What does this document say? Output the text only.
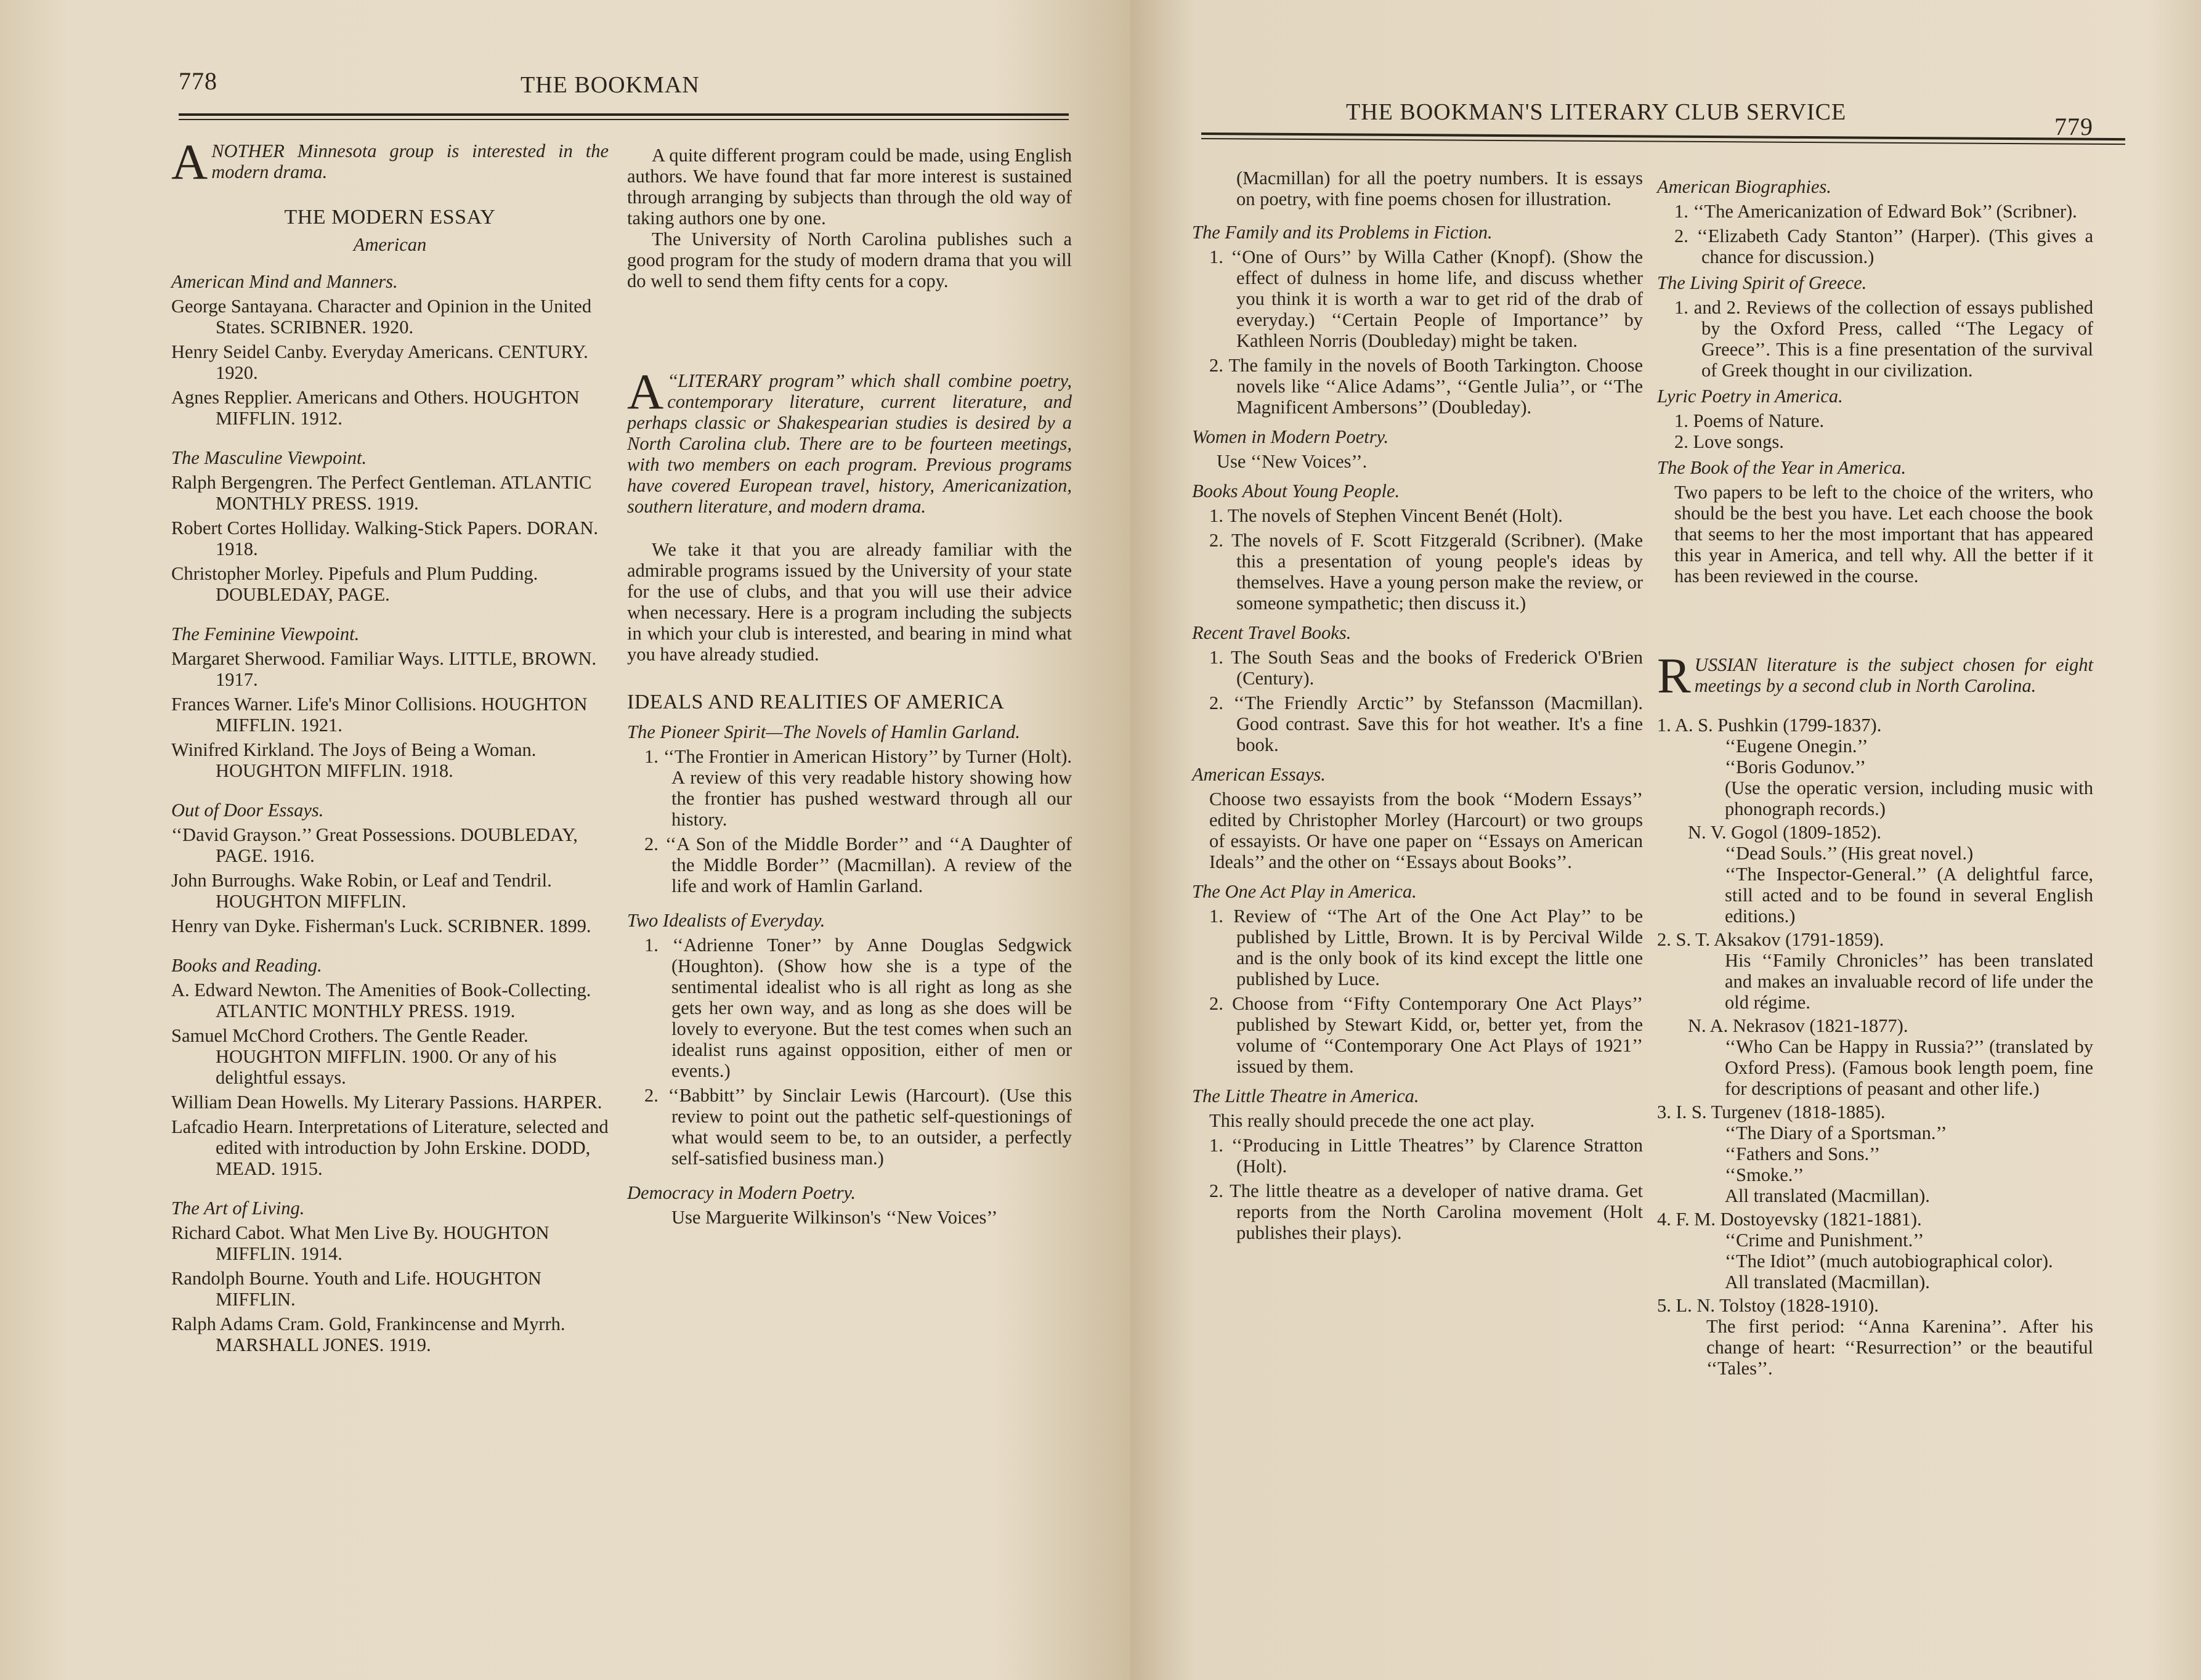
778	THE BOOKMAN
ANOTHER Minnesota group is interested in the modern drama.
THE MODERN ESSAY
American

American Mind and Manners.

George Santayana. Character and Opinion in the United States. SCRIBNER. 1920.

Henry Seidel Canby. Everyday Americans. CENTURY. 1920.

Agnes Repplier. Americans and Others. HOUGHTON MIFFLIN. 1912.

The Masculine Viewpoint.

Ralph Bergengren. The Perfect Gentleman. ATLANTIC MONTHLY PRESS. 1919.

Robert Cortes Holliday. Walking-Stick Papers. DORAN. 1918.

Christopher Morley. Pipefuls and Plum Pudding. DOUBLEDAY, PAGE.

The Feminine Viewpoint.

Margaret Sherwood. Familiar Ways. LITTLE, BROWN. 1917.

Frances Warner. Life's Minor Collisions. HOUGHTON MIFFLIN. 1921.

Winifred Kirkland. The Joys of Being a Woman. HOUGHTON MIFFLIN. 1918.

Out of Door Essays.

‘‘David Grayson.’’ Great Possessions. DOUBLEDAY, PAGE. 1916.

John Burroughs. Wake Robin, or Leaf and Tendril. HOUGHTON MIFFLIN.

Henry van Dyke. Fisherman's Luck. SCRIBNER. 1899.

Books and Reading.

A. Edward Newton. The Amenities of Book-Collecting. ATLANTIC MONTHLY PRESS. 1919.

Samuel McChord Crothers. The Gentle Reader. HOUGHTON MIFFLIN. 1900. Or any of his delightful essays.

William Dean Howells. My Literary Passions. HARPER.

Lafcadio Hearn. Interpretations of Literature, selected and edited with introduction by John Erskine. DODD, MEAD. 1915.

The Art of Living.

Richard Cabot. What Men Live By. HOUGHTON MIFFLIN. 1914.

Randolph Bourne. Youth and Life. HOUGHTON MIFFLIN.

Ralph Adams Cram. Gold, Frankincense and Myrrh. MARSHALL JONES. 1919.

A quite different program could be made, using English authors. We have found that far more interest is sustained through arranging by subjects than through the old way of taking authors one by one.

The University of North Carolina publishes such a good program for the study of modern drama that you will do well to send them fifty cents for a copy.

A ‘‘LITERARY program’’ which shall combine poetry, contemporary literature, current literature, and perhaps classic or Shakespearian studies is desired by a North Carolina club. There are to be fourteen meetings, with two members on each program. Previous programs have covered European travel, history, Americanization, southern literature, and modern drama.

We take it that you are already familiar with the admirable programs issued by the University of your state for the use of clubs, and that you will use their advice when necessary. Here is a program including the subjects in which your club is interested, and bearing in mind what you have already studied.

IDEALS AND REALITIES OF AMERICA

The Pioneer Spirit—The Novels of Hamlin Garland.

1. ‘‘The Frontier in American History’’ by Turner (Holt). A review of this very readable history showing how the frontier has pushed westward through all our history.

2. ‘‘A Son of the Middle Border’’ and ‘‘A Daughter of the Middle Border’’ (Macmillan). A review of the life and work of Hamlin Garland.

Two Idealists of Everyday.

1. ‘‘Adrienne Toner’’ by Anne Douglas Sedgwick (Houghton). (Show how she is a type of the sentimental idealist who is all right as long as she gets her own way, and as long as she does will be lovely to everyone. But the test comes when such an idealist runs against opposition, either of men or events.)

2. ‘‘Babbitt’’ by Sinclair Lewis (Harcourt). (Use this review to point out the pathetic self-questionings of what would seem to be, to an outsider, a perfectly self-satisfied business man.)

Democracy in Modern Poetry.

Use Marguerite Wilkinson's ‘‘New Voices’’

THE BOOKMAN'S LITERARY CLUB SERVICE
779

(Macmillan) for all the poetry numbers. It is essays on poetry, with fine poems chosen for illustration.

The Family and its Problems in Fiction.

1. ‘‘One of Ours’’ by Willa Cather (Knopf). (Show the effect of dulness in home life, and discuss whether you think it is worth a war to get rid of the drab of everyday.) ‘‘Certain People of Importance’’ by Kathleen Norris (Doubleday) might be taken.

2. The family in the novels of Booth Tarkington. Choose novels like ‘‘Alice Adams’’, ‘‘Gentle Julia’’, or ‘‘The Magnificent Ambersons’’ (Doubleday).

Women in Modern Poetry.

Use ‘‘New Voices’’.

Books About Young People.

1. The novels of Stephen Vincent Benét (Holt).

2. The novels of F. Scott Fitzgerald (Scribner). (Make this a presentation of young people's ideas by themselves. Have a young person make the review, or someone sympathetic; then discuss it.)

Recent Travel Books.

1. The South Seas and the books of Frederick O'Brien (Century).

2. ‘‘The Friendly Arctic’’ by Stefansson (Macmillan). Good contrast. Save this for hot weather. It's a fine book.

American Essays.

Choose two essayists from the book ‘‘Modern Essays’’ edited by Christopher Morley (Harcourt) or two groups of essayists. Or have one paper on ‘‘Essays on American Ideals’’ and the other on ‘‘Essays about Books’’.

The One Act Play in America.

1. Review of ‘‘The Art of the One Act Play’’ to be published by Little, Brown. It is by Percival Wilde and is the only book of its kind except the little one published by Luce.

2. Choose from ‘‘Fifty Contemporary One Act Plays’’ published by Stewart Kidd, or, better yet, from the volume of ‘‘Contemporary One Act Plays of 1921’’ issued by them.

The Little Theatre in America.

This really should precede the one act play.

1. ‘‘Producing in Little Theatres’’ by Clarence Stratton (Holt).

2. The little theatre as a developer of native drama. Get reports from the North Carolina movement (Holt publishes their plays).

American Biographies.

1. ‘‘The Americanization of Edward Bok’’ (Scribner).

2. ‘‘Elizabeth Cady Stanton’’ (Harper). (This gives a chance for discussion.)

The Living Spirit of Greece.

1. and 2. Reviews of the collection of essays published by the Oxford Press, called ‘‘The Legacy of Greece’’. This is a fine presentation of the survival of Greek thought in our civilization.

Lyric Poetry in America.

1. Poems of Nature.

2. Love songs.

The Book of the Year in America.

Two papers to be left to the choice of the writers, who should be the best you have. Let each choose the book that seems to her the most important that has appeared this year in America, and tell why. All the better if it has been reviewed in the course.

RUSSIAN literature is the subject chosen for eight meetings by a second club in North Carolina.

1. A. S. Pushkin (1799-1837).

‘‘Eugene Onegin.’’

‘‘Boris Godunov.’’

(Use the operatic version, including music with phonograph records.)

N. V. Gogol (1809-1852).

‘‘Dead Souls.’’ (His great novel.)

‘‘The Inspector-General.’’ (A delightful farce, still acted and to be found in several English editions.)

2. S. T. Aksakov (1791-1859).

His ‘‘Family Chronicles’’ has been translated and makes an invaluable record of life under the old régime.

N. A. Nekrasov (1821-1877).

‘‘Who Can be Happy in Russia?’’ (translated by Oxford Press). (Famous book length poem, fine for descriptions of peasant and other life.)

3. I. S. Turgenev (1818-1885).

‘‘The Diary of a Sportsman.’’

‘‘Fathers and Sons.’’

‘‘Smoke.’’

All translated (Macmillan).

4. F. M. Dostoyevsky (1821-1881).

‘‘Crime and Punishment.’’

‘‘The Idiot’’ (much autobiographical color).

All translated (Macmillan).

5. L. N. Tolstoy (1828-1910).

The first period: ‘‘Anna Karenina’’. After his change of heart: ‘‘Resurrection’’ or the beautiful ‘‘Tales’’.
